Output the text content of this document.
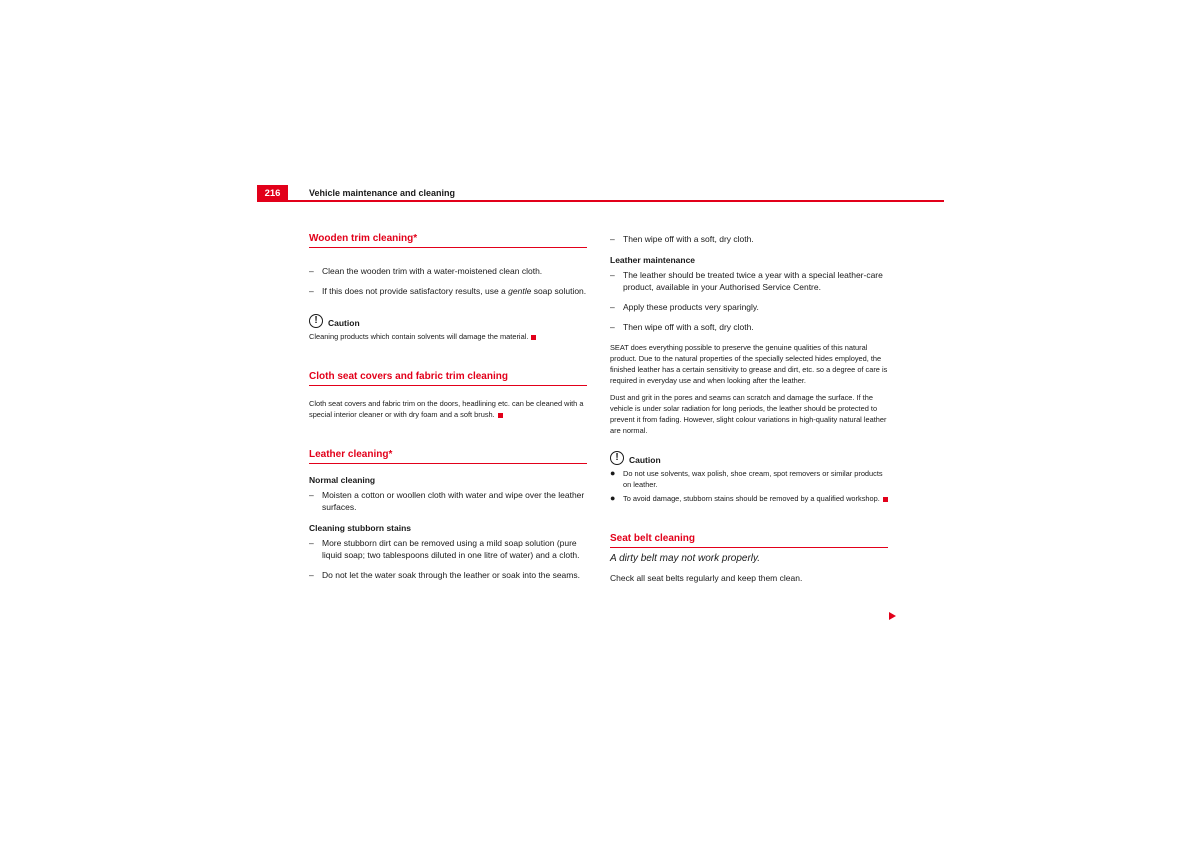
216	Vehicle maintenance and cleaning
Wooden trim cleaning*
– Clean the wooden trim with a water-moistened clean cloth.
– If this does not provide satisfactory results, use a gentle soap solution.
!	Caution

Cleaning products which contain solvents will damage the material.

Cloth seat covers and fabric trim cleaning

Cloth seat covers and fabric trim on the doors, headlining etc. can be cleaned with a special interior cleaner or with dry foam and a soft brush.

Leather cleaning*
Normal cleaning
– Moisten a cotton or woollen cloth with water and wipe over the leather surfaces.
Cleaning stubborn stains
– More stubborn dirt can be removed using a mild soap solution (pure liquid soap; two tablespoons diluted in one litre of water) and a cloth.
– Do not let the water soak through the leather or soak into the seams.
– Then wipe off with a soft, dry cloth.
Leather maintenance
– The leather should be treated twice a year with a special leather-care product, available in your Authorised Service Centre.
– Apply these products very sparingly.
– Then wipe off with a soft, dry cloth.

SEAT does everything possible to preserve the genuine qualities of this natural product. Due to the natural properties of the specially selected hides employed, the finished leather has a certain sensitivity to grease and dirt, etc. so a degree of care is required in everyday use and when looking after the leather.

Dust and grit in the pores and seams can scratch and damage the surface. If the vehicle is under solar radiation for long periods, the leather should be protected to prevent it from fading. However, slight colour variations in high-quality natural leather are normal.

!	Caution
●	Do not use solvents, wax polish, shoe cream, spot removers or similar products on leather.
●	To avoid damage, stubborn stains should be removed by a qualified workshop.
Seat belt cleaning

A dirty belt may not work properly.

Check all seat belts regularly and keep them clean.
